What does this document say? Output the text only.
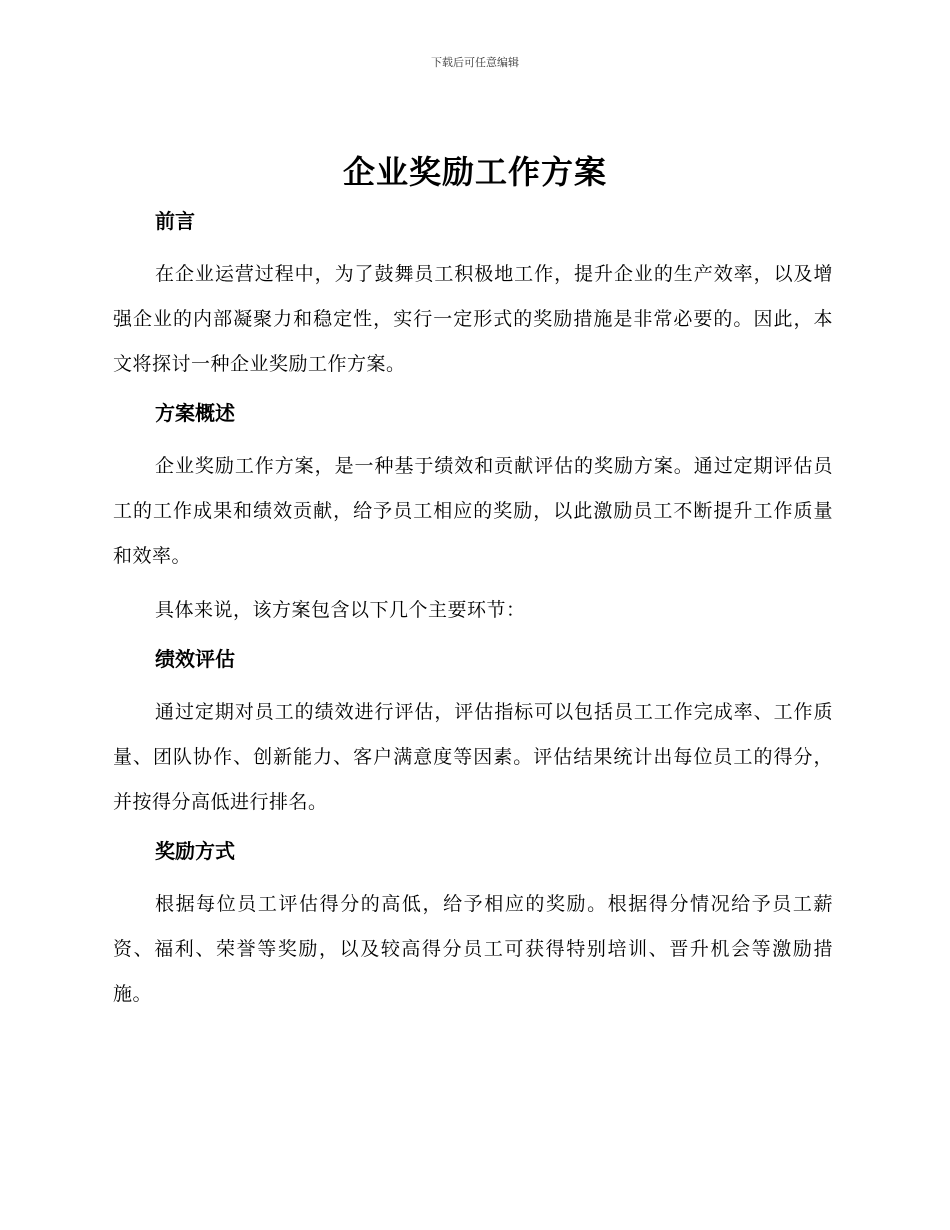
下载后可任意编辑
企业奖励工作方案
前言

在企业运营过程中，为了鼓舞员工积极地工作，提升企业的生产效率，以及增强企业的内部凝聚力和稳定性，实行一定形式的奖励措施是非常必要的。因此，本文将探讨一种企业奖励工作方案。

方案概述

企业奖励工作方案，是一种基于绩效和贡献评估的奖励方案。通过定期评估员工的工作成果和绩效贡献，给予员工相应的奖励，以此激励员工不断提升工作质量和效率。

具体来说，该方案包含以下几个主要环节：

绩效评估

通过定期对员工的绩效进行评估，评估指标可以包括员工工作完成率、工作质量、团队协作、创新能力、客户满意度等因素。评估结果统计出每位员工的得分，并按得分高低进行排名。

奖励方式

根据每位员工评估得分的高低，给予相应的奖励。根据得分情况给予员工薪资、福利、荣誉等奖励，以及较高得分员工可获得特别培训、晋升机会等激励措施。
